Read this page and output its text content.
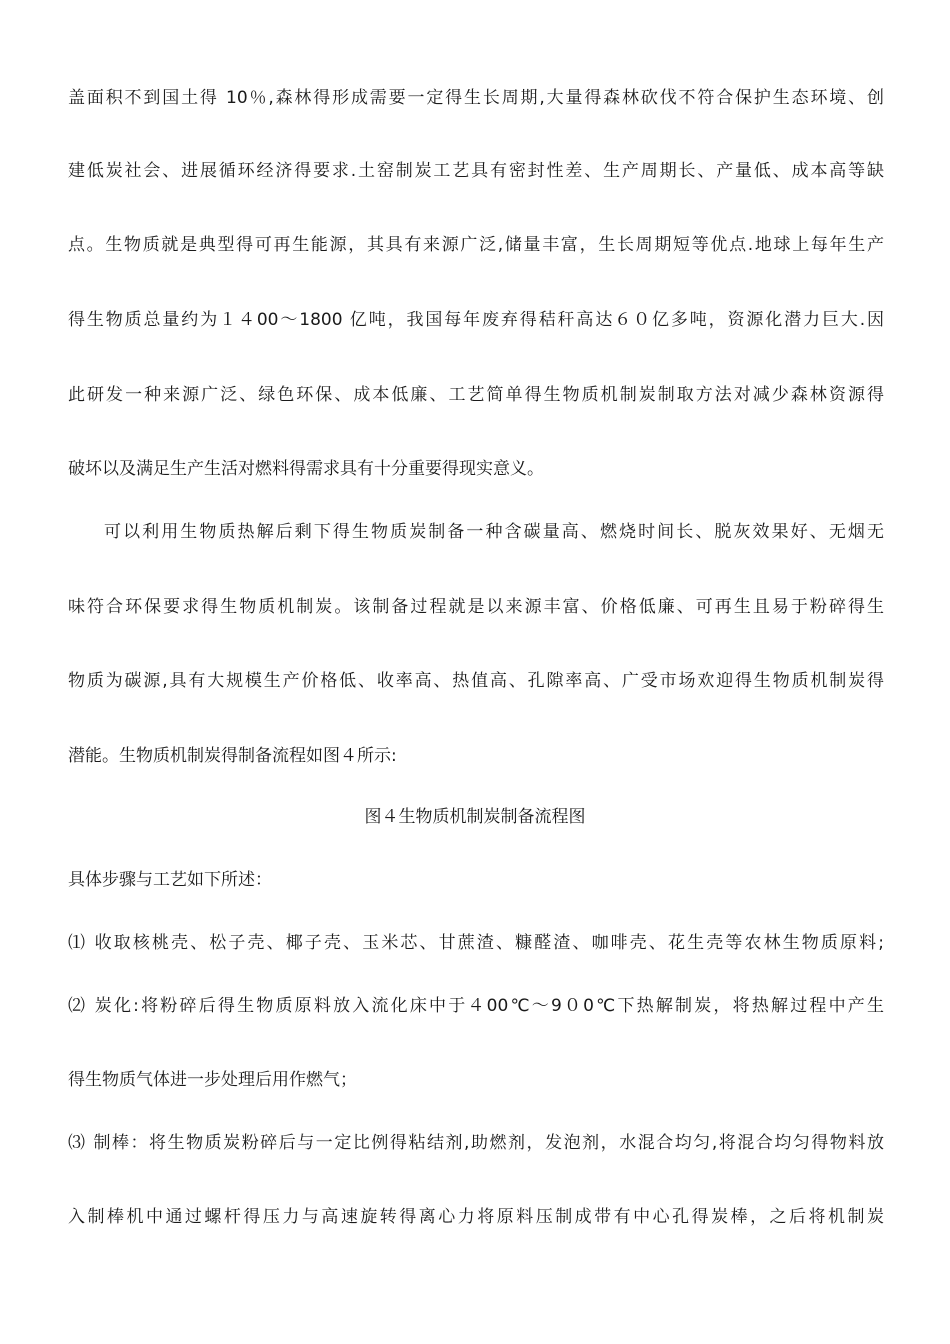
盖面积不到国土得 10％,森林得形成需要一定得生长周期,大量得森林砍伐不符合保护生态环境、创
建低炭社会、进展循环经济得要求.土窑制炭工艺具有密封性差、生产周期长、产量低、成本高等缺
点。生物质就是典型得可再生能源，其具有来源广泛,储量丰富，生长周期短等优点.地球上每年生产
得生物质总量约为１４00～1800 亿吨，我国每年废弃得秸秆高达６０亿多吨，资源化潜力巨大.因
此研发一种来源广泛、绿色环保、成本低廉、工艺简单得生物质机制炭制取方法对减少森林资源得
破坏以及满足生产生活对燃料得需求具有十分重要得现实意义。
可以利用生物质热解后剩下得生物质炭制备一种含碳量高、燃烧时间长、脱灰效果好、无烟无
味符合环保要求得生物质机制炭。该制备过程就是以来源丰富、价格低廉、可再生且易于粉碎得生
物质为碳源,具有大规模生产价格低、收率高、热值高、孔隙率高、广受市场欢迎得生物质机制炭得
潜能。生物质机制炭得制备流程如图４所示:
图４生物质机制炭制备流程图
具体步骤与工艺如下所述：
⑴ 收取核桃壳、松子壳、椰子壳、玉米芯、甘蔗渣、糠醛渣、咖啡壳、花生壳等农林生物质原料;
⑵ 炭化:将粉碎后得生物质原料放入流化床中于４00℃～9０0℃下热解制炭，将热解过程中产生
得生物质气体进一步处理后用作燃气；
⑶ 制棒：将生物质炭粉碎后与一定比例得粘结剂,助燃剂，发泡剂，水混合均匀,将混合均匀得物料放
入制棒机中通过螺杆得压力与高速旋转得离心力将原料压制成带有中心孔得炭棒，之后将机制炭
